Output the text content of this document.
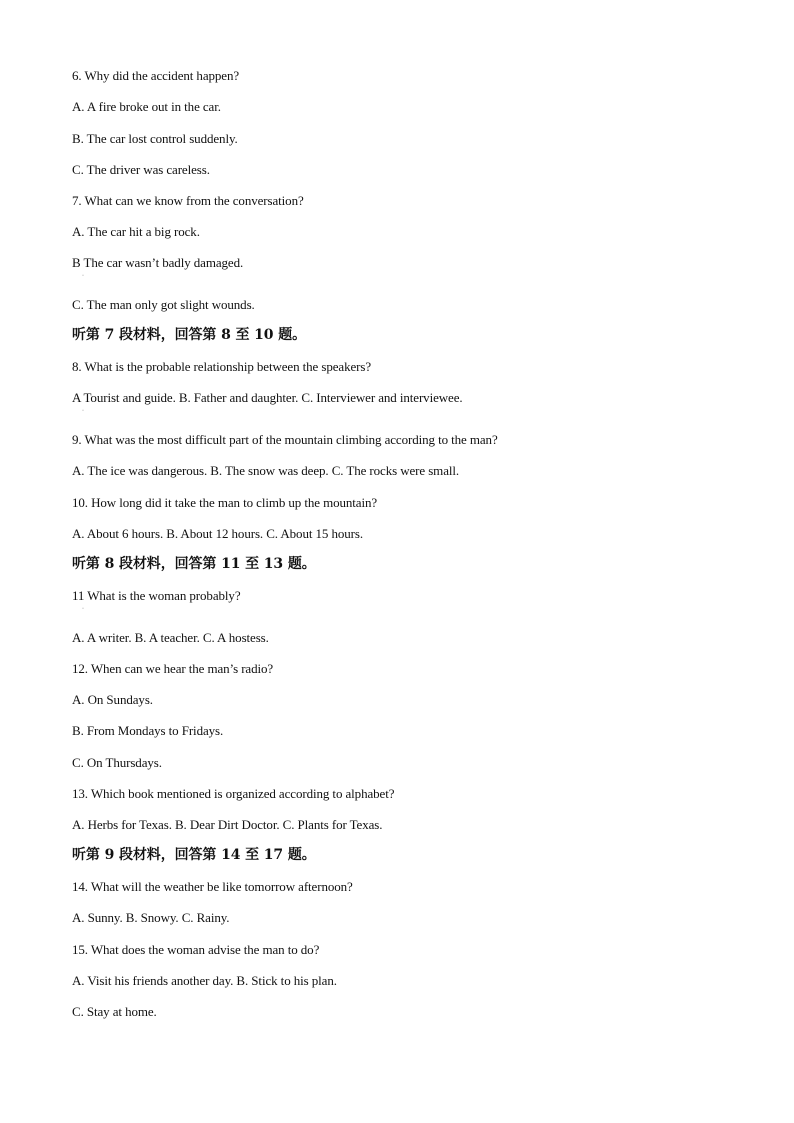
6. Why did the accident happen?
A. A fire broke out in the car.
B. The car lost control suddenly.
C. The driver was careless.
7. What can we know from the conversation?
A. The car hit a big rock.
B The car wasn’t badly damaged.
·
C. The man only got slight wounds.
听第 7 段材料，回答第 8 至 10 题。
8. What is the probable relationship between the speakers?
A Tourist and guide. B. Father and daughter. C. Interviewer and interviewee.
·
9. What was the most difficult part of the mountain climbing according to the man?
A. The ice was dangerous. B. The snow was deep. C. The rocks were small.
10. How long did it take the man to climb up the mountain?
A. About 6 hours. B. About 12 hours. C. About 15 hours.
听第 8 段材料，回答第 11 至 13 题。
11 What is the woman probably?
·
A. A writer. B. A teacher. C. A hostess.
12. When can we hear the man’s radio?
A. On Sundays.
B. From Mondays to Fridays.
C. On Thursdays.
13. Which book mentioned is organized according to alphabet?
A. Herbs for Texas. B. Dear Dirt Doctor. C. Plants for Texas.
听第 9 段材料，回答第 14 至 17 题。
14. What will the weather be like tomorrow afternoon?
A. Sunny. B. Snowy. C. Rainy.
15. What does the woman advise the man to do?
A. Visit his friends another day. B. Stick to his plan.
C. Stay at home.
